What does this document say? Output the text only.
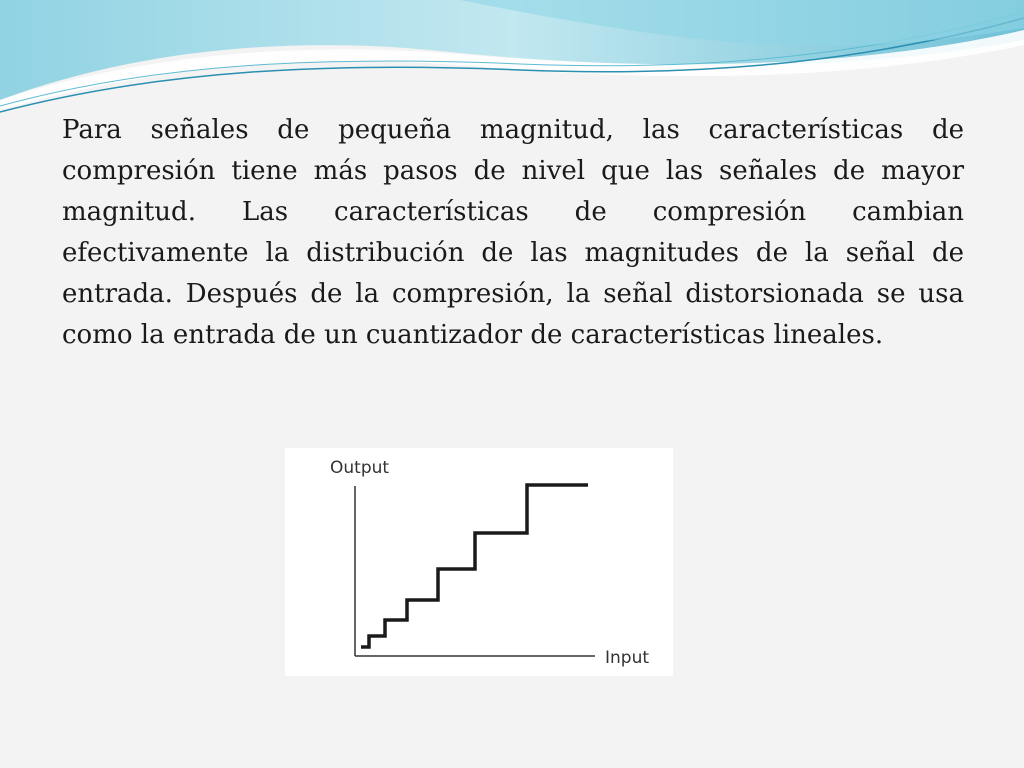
Para señales de pequeña magnitud, las características de compresión tiene más pasos de nivel que las señales de mayor magnitud. Las características de compresión cambian efectivamente la distribución de las magnitudes de la señal de entrada. Después de la compresión, la señal distorsionada se usa como la entrada de un cuantizador de características lineales.

Output
Input
